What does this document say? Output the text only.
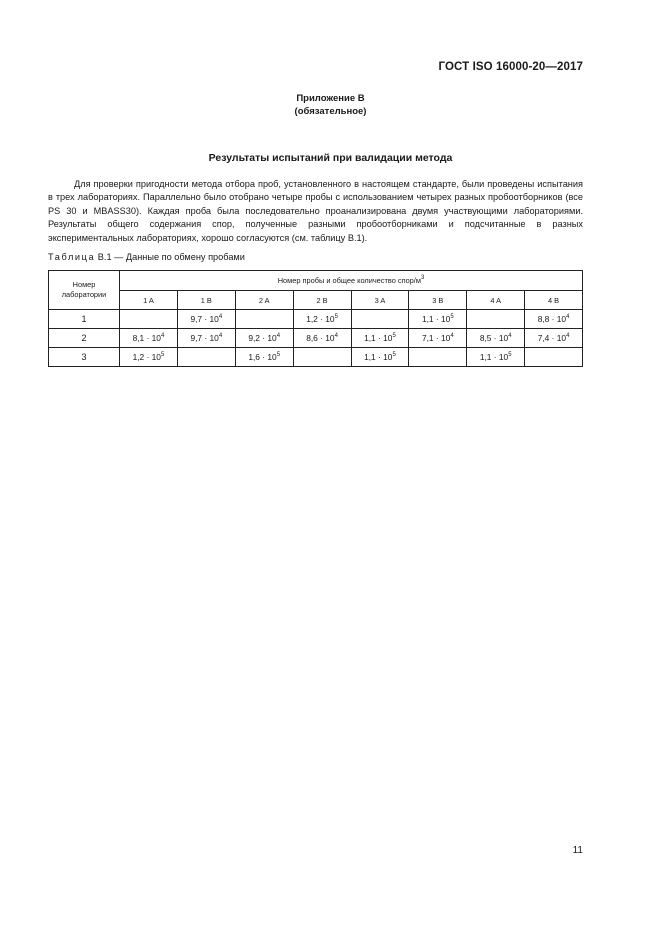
ГОСТ ISO 16000-20—2017
Приложение В
(обязательное)
Результаты испытаний при валидации метода

Для проверки пригодности метода отбора проб, установленного в настоящем стандарте, были проведены испытания в трех лабораториях. Параллельно было отобрано четыре пробы с использованием четырех разных пробоотборников (все PS 30 и MBASS30). Каждая проба была последовательно проанализирована двумя участвующими лабораториями. Результаты общего содержания спор, полученные разными пробоотборниками и подсчитанные в разных экспериментальных лабораториях, хорошо согласуются (см. таблицу В.1).

Таблица В.1 — Данные по обмену пробами
Номер
лаборатории	Номер пробы и общее количество спор/$м^3$
	1 A	1 B	2 A	2 B	3 A	3 B	4 A	4 B
1		$9,7 \cdot 10^4$		$1,2 \cdot 10^5$		$1,1 \cdot 10^5$		$8,8 \cdot 10^4$
2	$8,1 \cdot 10^4$	$9,7 \cdot 10^4$	$9,2 \cdot 10^4$	$8,6 \cdot 10^4$	$1,1 \cdot 10^5$	$7,1 \cdot 10^4$	$8,5 \cdot 10^4$	$7,4 \cdot 10^4$
3	$1,2 \cdot 10^5$		$1,6 \cdot 10^5$		$1,1 \cdot 10^5$		$1,1 \cdot 10^5$	
11
